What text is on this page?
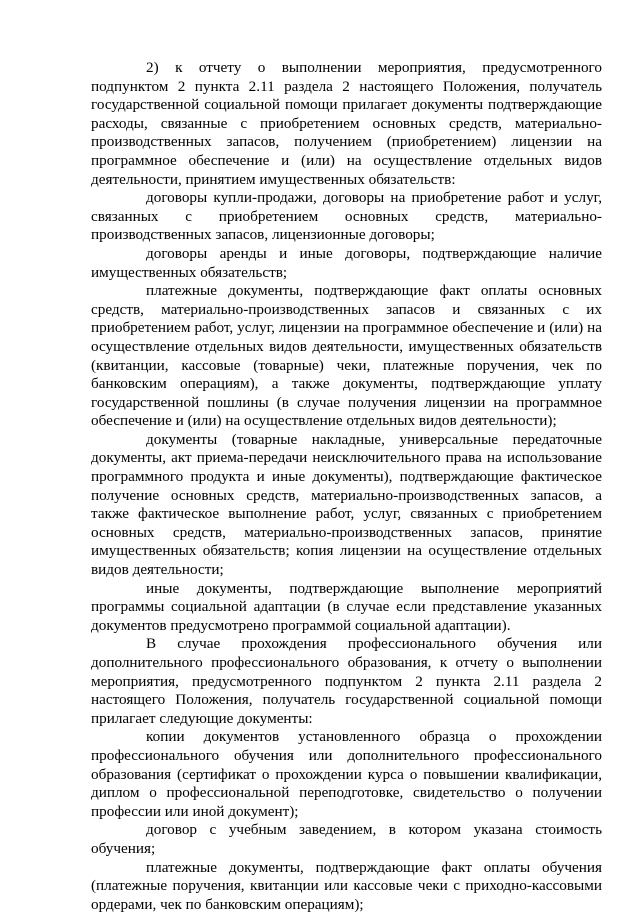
2) к отчету о выполнении мероприятия, предусмотренного подпунктом 2 пункта 2.11 раздела 2 настоящего Положения, получатель государственной социальной помощи прилагает документы подтверждающие расходы, связанные с приобретением основных средств, материально-производственных запасов, получением (приобретением) лицензии на программное обеспечение и (или) на осуществление отдельных видов деятельности, принятием имущественных обязательств:

договоры купли-продажи, договоры на приобретение работ и услуг, связанных с приобретением основных средств, материально-производственных запасов, лицензионные договоры;

договоры аренды и иные договоры, подтверждающие наличие имущественных обязательств;

платежные документы, подтверждающие факт оплаты основных средств, материально-производственных запасов и связанных с их приобретением работ, услуг, лицензии на программное обеспечение и (или) на осуществление отдельных видов деятельности, имущественных обязательств (квитанции, кассовые (товарные) чеки, платежные поручения, чек по банковским операциям), а также документы, подтверждающие уплату государственной пошлины (в случае получения лицензии на программное обеспечение и (или) на осуществление отдельных видов деятельности);

документы (товарные накладные, универсальные передаточные документы, акт приема-передачи неисключительного права на использование программного продукта и иные документы), подтверждающие фактическое получение основных средств, материально-производственных запасов, а также фактическое выполнение работ, услуг, связанных с приобретением основных средств, материально-производственных запасов, принятие имущественных обязательств; копия лицензии на осуществление отдельных видов деятельности;

иные документы, подтверждающие выполнение мероприятий программы социальной адаптации (в случае если представление указанных документов предусмотрено программой социальной адаптации).

В случае прохождения профессионального обучения или дополнительного профессионального образования, к отчету о выполнении мероприятия, предусмотренного подпунктом 2 пункта 2.11 раздела 2 настоящего Положения, получатель государственной социальной помощи прилагает следующие документы:

копии документов установленного образца о прохождении профессионального обучения или дополнительного профессионального образования (сертификат о прохождении курса о повышении квалификации, диплом о профессиональной переподготовке, свидетельство о получении профессии или иной документ);

договор с учебным заведением, в котором указана стоимость обучения;

платежные документы, подтверждающие факт оплаты обучения (платежные поручения, квитанции или кассовые чеки с приходно-кассовыми ордерами, чек по банковским операциям);
